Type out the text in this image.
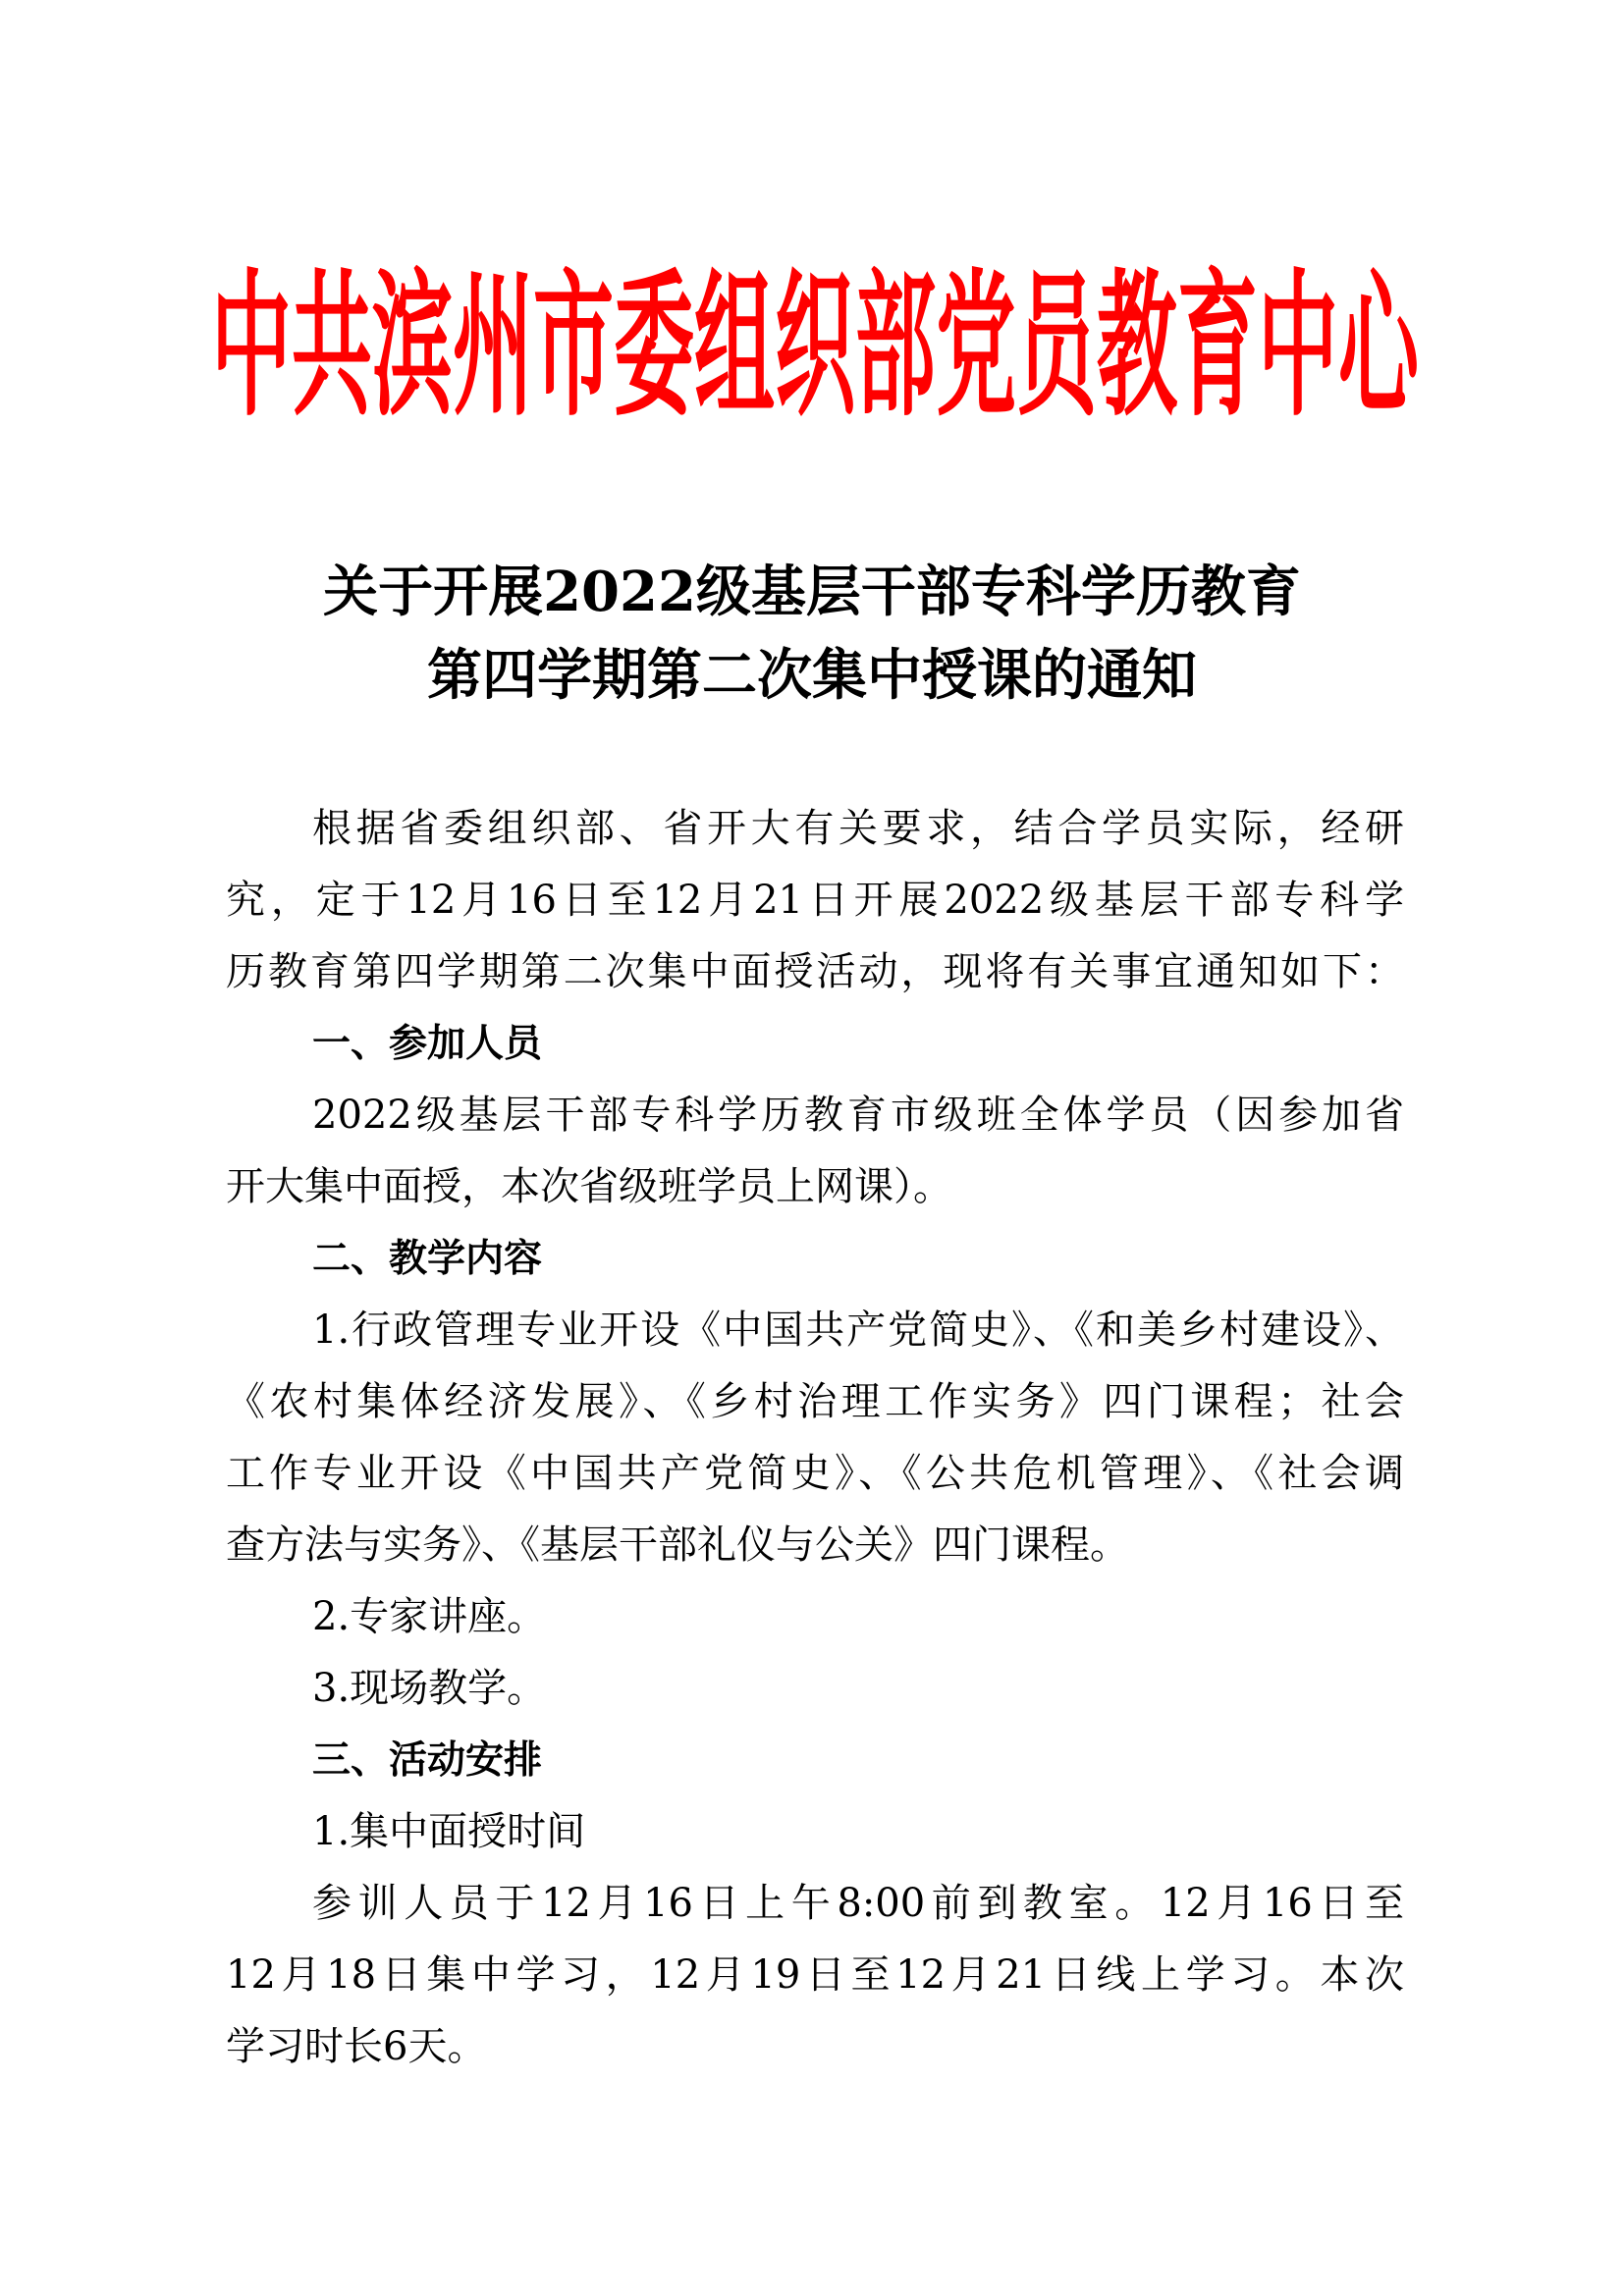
中共滨州市委组织部党员教育中心
关于开展2022级基层干部专科学历教育
第四学期第二次集中授课的通知
根据省委组织部、省开大有关要求，结合学员实际，经研
究，定于12月16日至12月21日开展2022级基层干部专科学
历教育第四学期第二次集中面授活动，现将有关事宜通知如下：
一、参加人员
2022级基层干部专科学历教育市级班全体学员（因参加省
开大集中面授，本次省级班学员上网课）。
二、教学内容
1.行政管理专业开设《中国共产党简史》、《和美乡村建设》、
《农村集体经济发展》、《乡村治理工作实务》四门课程；社会
工作专业开设《中国共产党简史》、《公共危机管理》、《社会调
查方法与实务》、《基层干部礼仪与公关》四门课程。
2.专家讲座。
3.现场教学。
三、活动安排
1.集中面授时间
参训人员于12月16日上午8:00前到教室。12月16日至
12月18日集中学习，12月19日至12月21日线上学习。本次
学习时长6天。
